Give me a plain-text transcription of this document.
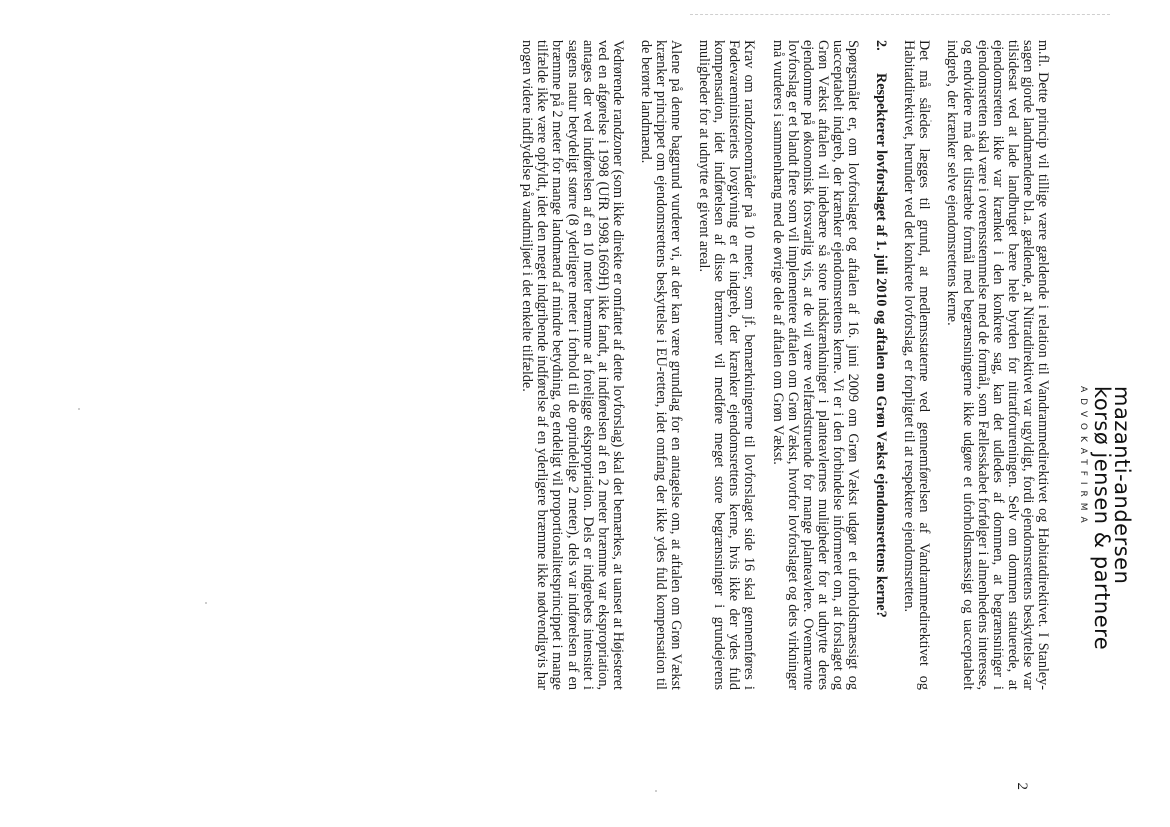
mazanti-andersen
korsø jensen & partnere
ADVOKATFIRMA
2

m.fl. Dette princip vil tillige være gældende i relation til Vandrammedirektivet og Habitatdirektivet. I Stanley-sagen gjorde landmændene bl.a. gældende, at Nitratdirektivet var ugyldigt, fordi ejendomsrettens beskyttelse var tilsidesat ved at lade landbruget bære hele byrden for nitratforureningen. Selv om dommen statuerede, at ejendomsretten ikke var krænket i den konkrete sag, kan det udledes af dommen, at begrænsninger i ejendomsretten skal være i overensstemmelse med de formål, som Fællesskabet forfølger i almenhedens interesse, og endvidere må det tilstræbte formål med begrænsningerne ikke udgøre et uforholdsmæssigt og uacceptabelt indgreb, der krænker selve ejendomsrettens kerne.

Det må således lægges til grund, at medlemsstaterne ved gennemførelsen af Vandrammedirektivet og Habitatdirektivet, herunder ved det konkrete lovforslag, er forpligtet til at respektere ejendomsretten.

2.
Respekterer lovforslaget af 1. juli 2010 og aftalen om Grøn Vækst ejendomsrettens kerne?

Spørgsmålet er, om lovforslaget og aftalen af 16. juni 2009 om Grøn Vækst udgør et uforholdsmæssigt og uacceptabelt indgreb, der krænker ejendomsrettens kerne. Vi er i den forbindelse informeret om, at forslaget og Grøn Vækst aftalen vil indebære så store indskrænkninger i planteavlernes muligheder for at udnytte deres ejendomme på økonomisk forsvarlig vis, at de vil være velfærdstruende for mange planteavlere. Ovennævnte lovforslag er et blandt flere som vil implementere aftalen om Grøn Vækst, hvorfor lovforslaget og dets virkninger må vurderes i sammenhæng med de øvrige dele af aftalen om Grøn Vækst.

Krav om randzoneområder på 10 meter, som jf. bemærkningerne til lovforslaget side 16 skal gennemføres i Fødevareministeriets lovgivning er et indgreb, der krænker ejendomsrettens kerne, hvis ikke der ydes fuld kompensation, idet indførelsen af disse bræmmer vil medføre meget store begrænsninger i grundejerens muligheder for at udnytte et givent areal.

Alene på denne baggrund vurderer vi, at der kan være grundlag for en antagelse om, at aftalen om Grøn Vækst krænker princippet om ejendomsrettens beskyttelse i EU-retten, idet omfang der ikke ydes fuld kompensation til de berørte landmænd.

Vedrørende randzoner (som ikke direkte er omfattet af dette lovforslag) skal det bemærkes, at uanset at Højesteret ved en afgørelse i 1998 (UfR 1998.1669H) ikke fandt, at indførelsen af en 2 meter bræmme var ekspropriation, antages der ved indførelsen af en 10 meter bræmme at foreligge ekspropriation. Dels er indgrebets intensitet i sagens natur betydeligt større (8 yderligere meter i forhold til de oprindelige 2 meter), dels var indførelsen af en bræmme på 2 meter for mange landmænd af mindre betydning, og endeligt vil proportionalitetsprincippet i mange tilfælde ikke være opfyldt, idet den meget indgribende indførelse af en yderligere bræmme ikke nødvendigvis har nogen videre indflydelse på vandmiljøet i det enkelte tilfælde.
